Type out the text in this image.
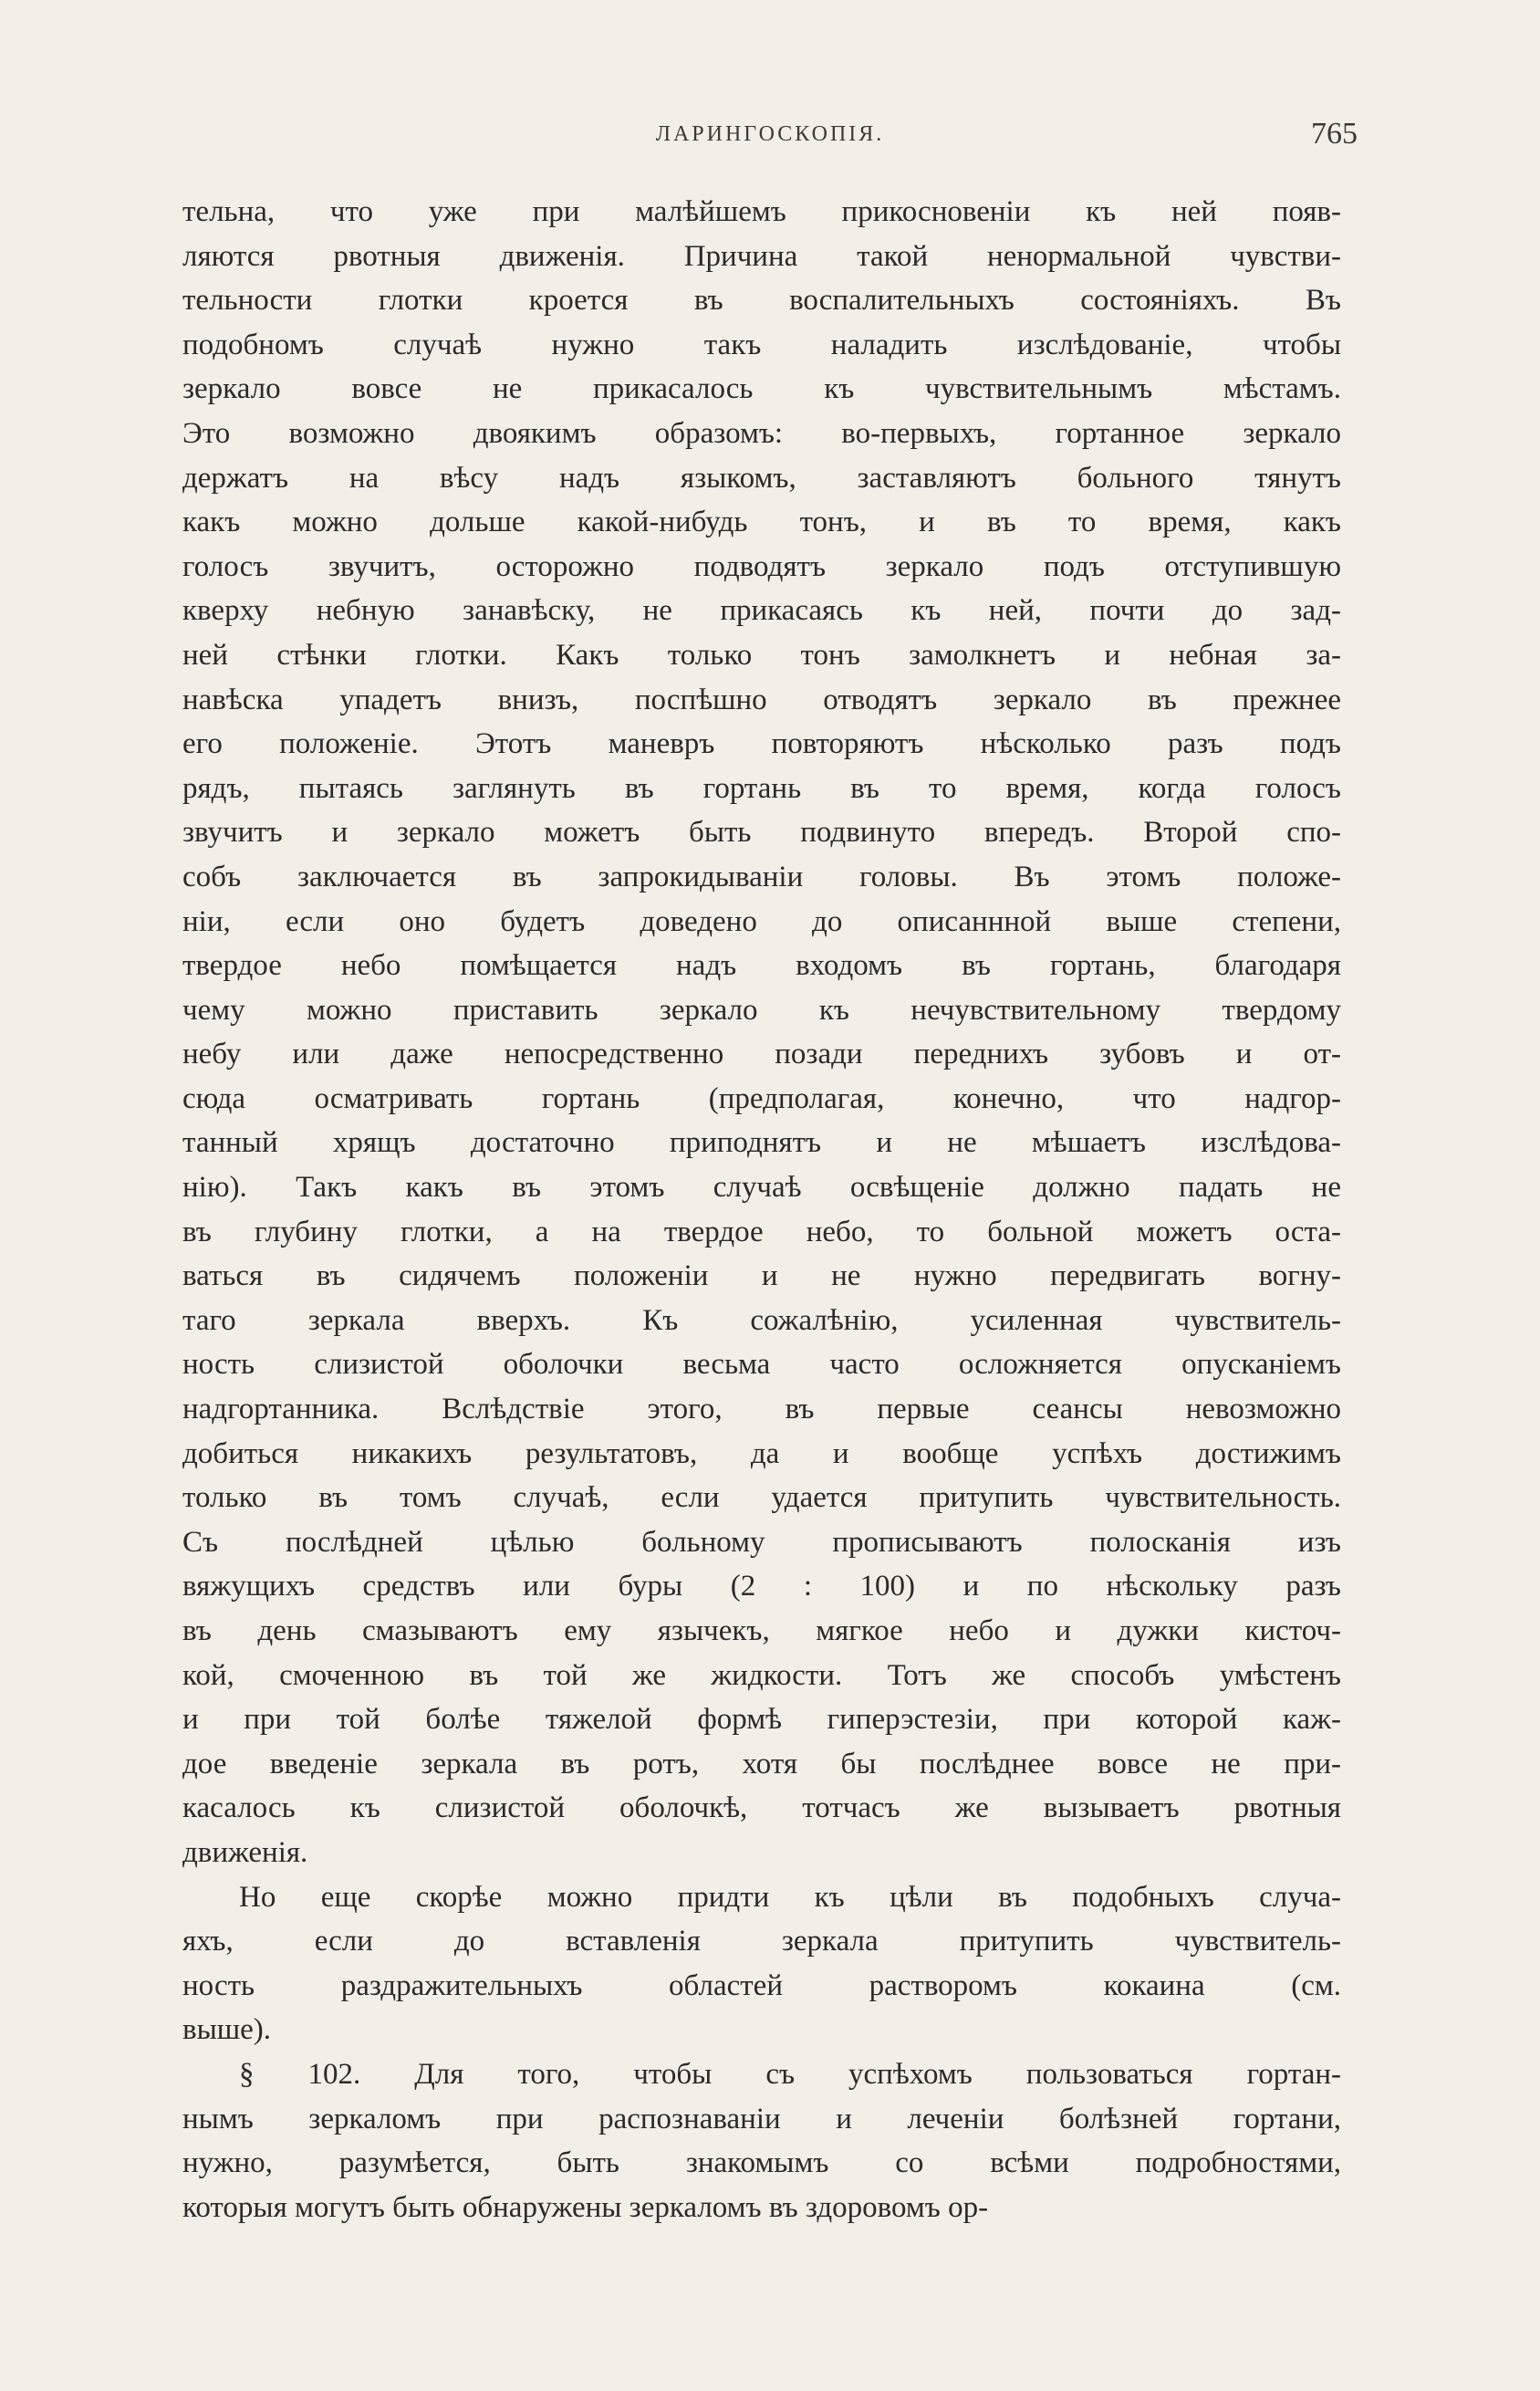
ЛАРИНГОСКОПІЯ.	765
тельна, что уже при малѣйшемъ прикосновеніи къ ней появ-
ляются рвотныя движенія. Причина такой ненормальной чувстви-
тельности глотки кроется въ воспалительныхъ состояніяхъ. Въ
подобномъ случаѣ нужно такъ наладить изслѣдованіе, чтобы
зеркало вовсе не прикасалось къ чувствительнымъ мѣстамъ.
Это возможно двоякимъ образомъ: во-первыхъ, гортанное зеркало
держатъ на вѣсу надъ языкомъ, заставляютъ больного тянутъ
какъ можно дольше какой-нибудь тонъ, и въ то время, какъ
голосъ звучитъ, осторожно подводятъ зеркало подъ отступившую
кверху небную занавѣску, не прикасаясь къ ней, почти до зад-
ней стѣнки глотки. Какъ только тонъ замолкнетъ и небная за-
навѣска упадетъ внизъ, поспѣшно отводятъ зеркало въ прежнее
его положеніе. Этотъ маневръ повторяютъ нѣсколько разъ подъ
рядъ, пытаясь заглянуть въ гортань въ то время, когда голосъ
звучитъ и зеркало можетъ быть подвинуто впередъ. Второй спо-
собъ заключается въ запрокидываніи головы. Въ этомъ положе-
ніи, если оно будетъ доведено до описаннной выше степени,
твердое небо помѣщается надъ входомъ въ гортань, благодаря
чему можно приставить зеркало къ нечувствительному твердому
небу или даже непосредственно позади переднихъ зубовъ и от-
сюда осматривать гортань (предполагая, конечно, что надгор-
танный хрящъ достаточно приподнятъ и не мѣшаетъ изслѣдова-
нію). Такъ какъ въ этомъ случаѣ освѣщеніе должно падать не
въ глубину глотки, а на твердое небо, то больной можетъ оста-
ваться въ сидячемъ положеніи и не нужно передвигать вогну-
таго зеркала вверхъ. Къ сожалѣнію, усиленная чувствитель-
ность слизистой оболочки весьма часто осложняется опусканіемъ
надгортанника. Вслѣдствіе этого, въ первые сеансы невозможно
добиться никакихъ результатовъ, да и вообще успѣхъ достижимъ
только въ томъ случаѣ, если удается притупить чувствительность.
Съ послѣдней цѣлью больному прописываютъ полосканія изъ
вяжущихъ средствъ или буры (2 : 100) и по нѣскольку разъ
въ день смазываютъ ему язычекъ, мягкое небо и дужки кисточ-
кой, смоченною въ той же жидкости. Тотъ же способъ умѣстенъ
и при той болѣе тяжелой формѣ гиперэстезіи, при которой каж-
дое введеніе зеркала въ ротъ, хотя бы послѣднее вовсе не при-
касалось къ слизистой оболочкѣ, тотчасъ же вызываетъ рвотныя
движенія.
Но еще скорѣе можно придти къ цѣли въ подобныхъ случа-
яхъ, если до вставленія зеркала притупить чувствитель-
ность раздражительныхъ областей растворомъ кокаина (см.
выше).
§ 102. Для того, чтобы съ успѣхомъ пользоваться гортан-
нымъ зеркаломъ при распознаваніи и леченіи болѣзней гортани,
нужно, разумѣется, быть знакомымъ со всѣми подробностями,
которыя могутъ быть обнаружены зеркаломъ въ здоровомъ ор-
